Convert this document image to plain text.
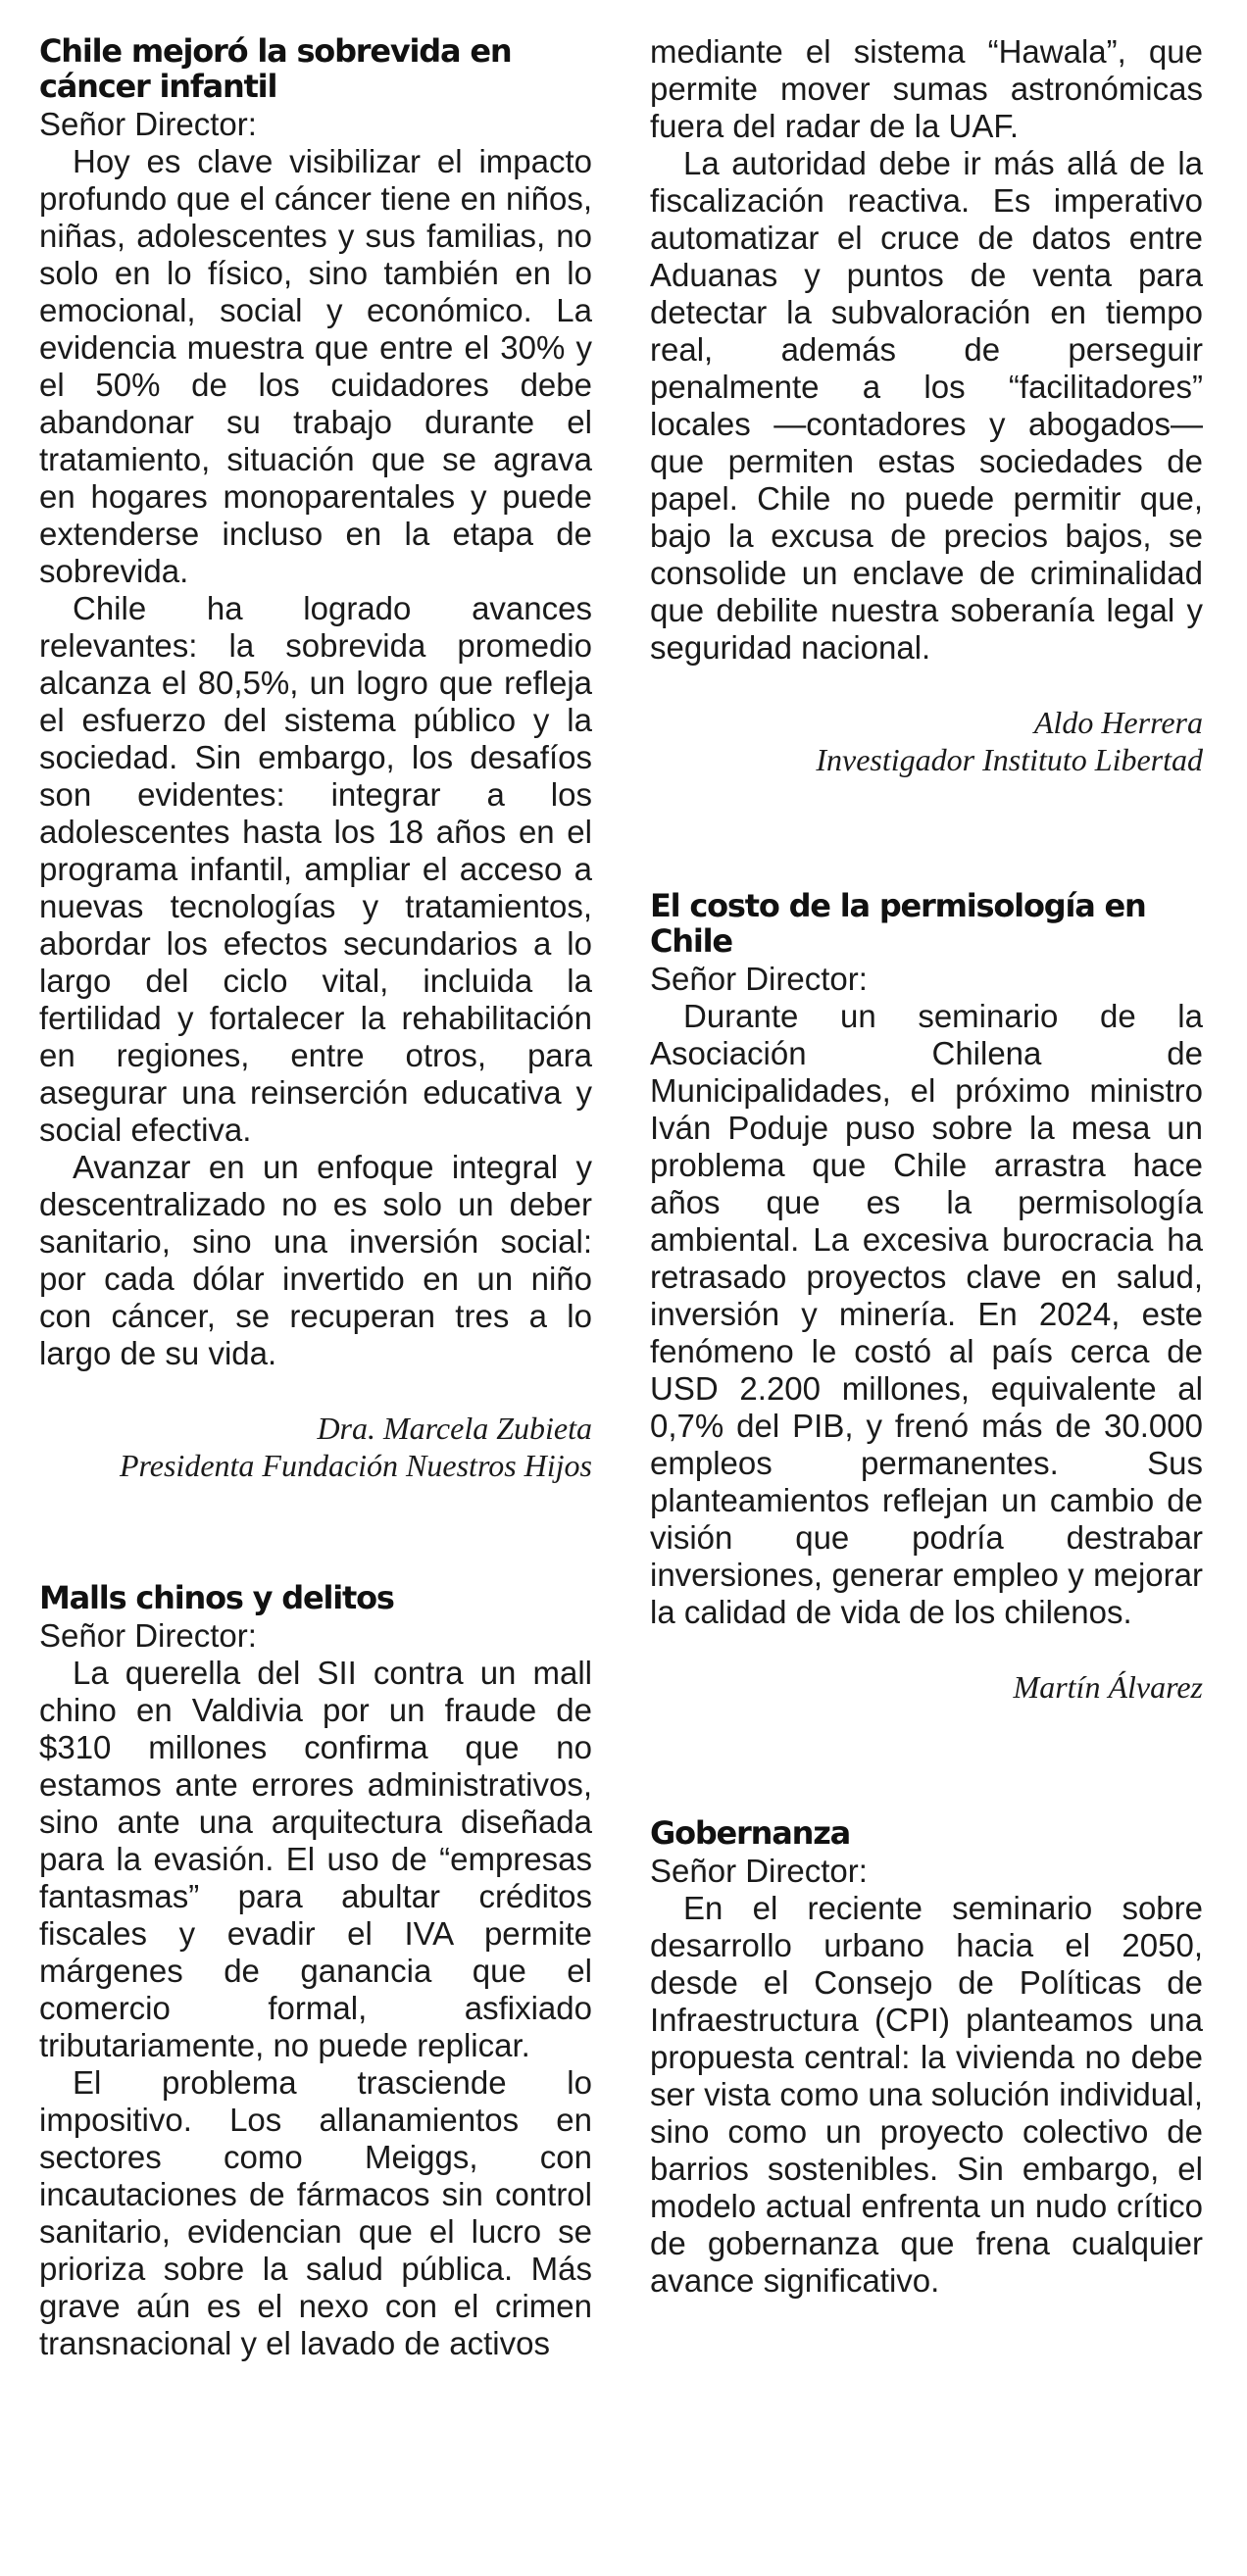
Chile mejoró la sobrevida en cáncer infantil

Señor Director:

Hoy es clave visibilizar el impacto profundo que el cáncer tiene en niños, niñas, adolescentes y sus familias, no solo en lo físico, sino también en lo emocional, social y económico. La evidencia muestra que entre el 30% y el 50% de los cuidadores debe abandonar su trabajo durante el tratamiento, situación que se agrava en hogares monoparentales y puede extenderse incluso en la etapa de sobrevida.

Chile ha logrado avances relevantes: la sobrevida promedio alcanza el 80,5%, un logro que refleja el esfuerzo del sistema público y la sociedad. Sin embargo, los desafíos son evidentes: integrar a los adolescentes hasta los 18 años en el programa infantil, ampliar el acceso a nuevas tecnologías y tratamientos, abordar los efectos secundarios a lo largo del ciclo vital, incluida la fertilidad y fortalecer la rehabilitación en regiones, entre otros, para asegurar una reinserción educativa y social efectiva.

Avanzar en un enfoque integral y descentralizado no es solo un deber sanitario, sino una inversión social: por cada dólar invertido en un niño con cáncer, se recuperan tres a lo largo de su vida.

Dra. Marcela Zubieta
Presidenta Fundación Nuestros Hijos
Malls chinos y delitos

Señor Director:

La querella del SII contra un mall chino en Valdivia por un fraude de $310 millones confirma que no estamos ante errores administrativos, sino ante una arquitectura diseñada para la evasión. El uso de “empresas fantasmas” para abultar créditos fiscales y evadir el IVA permite márgenes de ganancia que el comercio formal, asfixiado tributariamente, no puede replicar.

El problema trasciende lo impositivo. Los allanamientos en sectores como Meiggs, con incautaciones de fármacos sin control sanitario, evidencian que el lucro se prioriza sobre la salud pública. Más grave aún es el nexo con el crimen transnacional y el lavado de activos

mediante el sistema “Hawala”, que permite mover sumas astronómicas fuera del radar de la UAF.

La autoridad debe ir más allá de la fiscalización reactiva. Es imperativo automatizar el cruce de datos entre Aduanas y puntos de venta para detectar la subvaloración en tiempo real, además de perseguir penalmente a los “facilitadores” locales —contadores y abogados— que permiten estas sociedades de papel. Chile no puede permitir que, bajo la excusa de precios bajos, se consolide un enclave de criminalidad que debilite nuestra soberanía legal y seguridad nacional.

Aldo Herrera
Investigador Instituto Libertad
El costo de la permisología en Chile

Señor Director:

Durante un seminario de la Asociación Chilena de Municipalidades, el próximo ministro Iván Poduje puso sobre la mesa un problema que Chile arrastra hace años que es la permisología ambiental. La excesiva burocracia ha retrasado proyectos clave en salud, inversión y minería. En 2024, este fenómeno le costó al país cerca de USD 2.200 millones, equivalente al 0,7% del PIB, y frenó más de 30.000 empleos permanentes. Sus planteamientos reflejan un cambio de visión que podría destrabar inversiones, generar empleo y mejorar la calidad de vida de los chilenos.

Martín Álvarez
Gobernanza

Señor Director:

En el reciente seminario sobre desarrollo urbano hacia el 2050, desde el Consejo de Políticas de Infraestructura (CPI) planteamos una propuesta central: la vivienda no debe ser vista como una solución individual, sino como un proyecto colectivo de barrios sostenibles. Sin embargo, el modelo actual enfrenta un nudo crítico de gobernanza que frena cualquier avance significativo.
